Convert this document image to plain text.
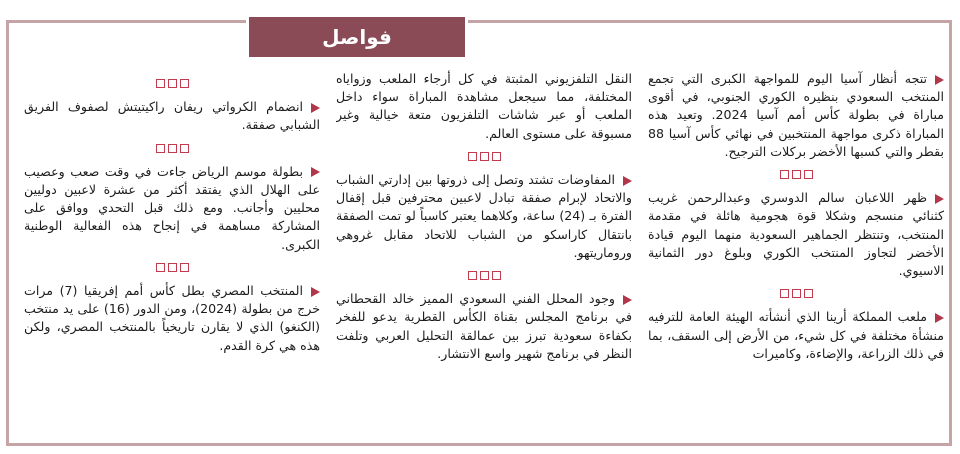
فواصل

تتجه أنظار آسيا اليوم للمواجهة الكبرى التي تجمع المنتخب السعودي بنظيره الكوري الجنوبي، في أقوى مباراة في بطولة كأس أمم آسيا 2024. وتعيد هذه المباراة ذكرى مواجهة المنتخبين في نهائي كأس آسيا 88 بقطر والتي كسبها الأخضر بركلات الترجيح.

ظهر اللاعبان سالم الدوسري وعبدالرحمن غريب كثنائي منسجم وشكلا قوة هجومية هائلة في مقدمة المنتخب، وتنتظر الجماهير السعودية منهما اليوم قيادة الأخضر لتجاوز المنتخب الكوري وبلوغ دور الثمانية الاسيوي.

ملعب المملكة أرينا الذي أنشأته الهيئة العامة للترفيه منشأة مختلفة في كل شيء، من الأرض إلى السقف، بما في ذلك الزراعة، والإضاءة، وكاميرات

النقل التلفزيوني المثبتة في كل أرجاء الملعب وزواياه المختلفة، مما سيجعل مشاهدة المباراة سواء داخل الملعب أو عبر شاشات التلفزيون متعة خيالية وغير مسبوقة على مستوى العالم.

المفاوضات تشتد وتصل إلى ذروتها بين إدارتي الشباب والاتحاد لإبرام صفقة تبادل لاعبين محترفين قبل إقفال الفترة بـ (24) ساعة، وكلاهما يعتبر كاسباً لو تمت الصفقة بانتقال كاراسكو من الشباب للاتحاد مقابل غروهي وروماريتهو.

وجود المحلل الفني السعودي المميز خالد القحطاني في برنامج المجلس بقناة الكأس القطرية يدعو للفخر بكفاءة سعودية تبرز بين عمالقة التحليل العربي وتلفت النظر في برنامج شهير واسع الانتشار.

انضمام الكرواتي ريفان راكيتيتش لصفوف الفريق الشبابي صفقة.

بطولة موسم الرياض جاءت في وقت صعب وعصيب على الهلال الذي يفتقد أكثر من عشرة لاعبين دوليين محليين وأجانب. ومع ذلك قبل التحدي ووافق على المشاركة مساهمة في إنجاح هذه الفعالية الوطنية الكبرى.

المنتخب المصري بطل كأس أمم إفريقيا (7) مرات خرج من بطولة (2024)، ومن الدور (16) على يد منتخب (الكنغو) الذي لا يقارن تاريخياً بالمنتخب المصري، ولكن هذه هي كرة القدم.
